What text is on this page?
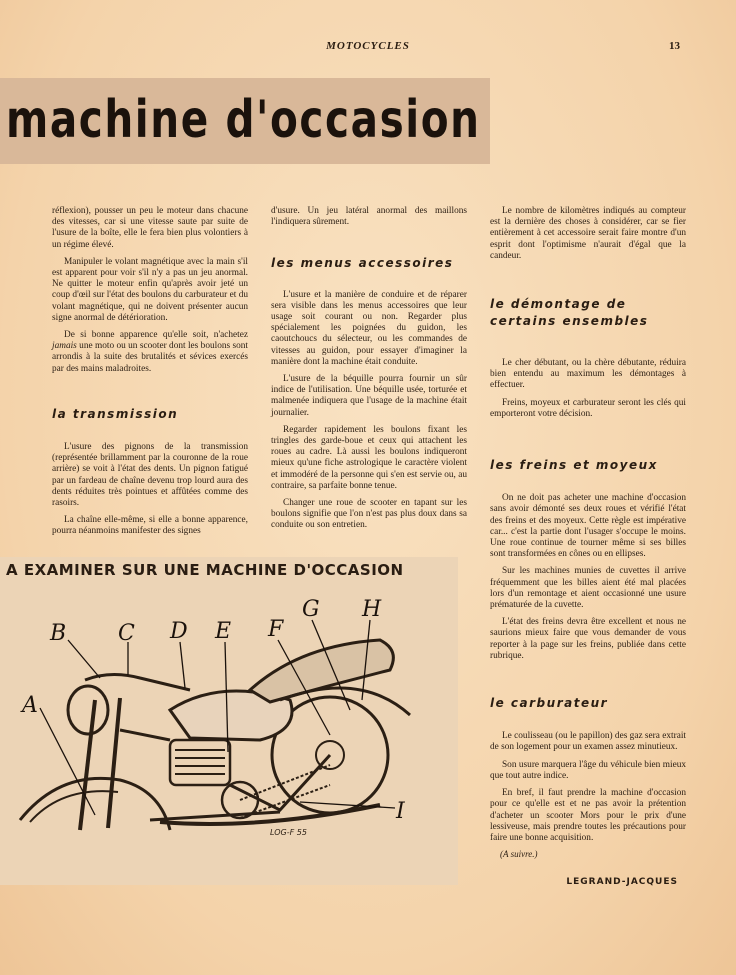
MOTOCYCLES	13
machine d'occasion

réflexion), pousser un peu le moteur dans chacune des vitesses, car si une vitesse saute par suite de l'usure de la boîte, elle le fera bien plus volontiers à un régime élevé.

Manipuler le volant magnétique avec la main s'il est apparent pour voir s'il n'y a pas un jeu anormal. Ne quitter le moteur enfin qu'après avoir jeté un coup d'œil sur l'état des boulons du carburateur et du volant magnétique, qui ne doivent présenter aucun signe anormal de détérioration.

De si bonne apparence qu'elle soit, n'achetez jamais une moto ou un scooter dont les boulons sont arrondis à la suite des brutalités et sévices exercés par des mains maladroites.

la transmission

L'usure des pignons de la transmission (représentée brillamment par la couronne de la roue arrière) se voit à l'état des dents. Un pignon fatigué par un fardeau de chaîne devenu trop lourd aura des dents réduites très pointues et affûtées comme des rasoirs.

La chaîne elle-même, si elle a bonne apparence, pourra néanmoins manifester des signes

d'usure. Un jeu latéral anormal des maillons l'indiquera sûrement.

les menus accessoires

L'usure et la manière de conduire et de réparer sera visible dans les menus accessoires que leur usage soit courant ou non. Regarder plus spécialement les poignées du guidon, les caoutchoucs du sélecteur, ou les commandes de vitesses au guidon, pour essayer d'imaginer la manière dont la machine était conduite.

L'usure de la béquille pourra fournir un sûr indice de l'utilisation. Une béquille usée, torturée et malmenée indiquera que l'usage de la machine était journalier.

Regarder rapidement les boulons fixant les tringles des garde-boue et ceux qui attachent les roues au cadre. Là aussi les boulons indiqueront mieux qu'une fiche astrologique le caractère violent et immodéré de la personne qui s'en est servie ou, au contraire, sa parfaite bonne tenue.

Changer une roue de scooter en tapant sur les boulons signifie que l'on n'est pas plus doux dans sa conduite ou son entretien.

Le nombre de kilomètres indiqués au compteur est la dernière des choses à considérer, car se fier entièrement à cet accessoire serait faire montre d'un esprit dont l'optimisme n'aurait d'égal que la candeur.

le démontage de certains ensembles

Le cher débutant, ou la chère débutante, réduira bien entendu au maximum les démontages à effectuer.

Freins, moyeux et carburateur seront les clés qui emporteront votre décision.

les freins et moyeux

On ne doit pas acheter une machine d'occasion sans avoir démonté ses deux roues et vérifié l'état des freins et des moyeux. Cette règle est impérative car... c'est la partie dont l'usager s'occupe le moins. Une roue continue de tourner même si ses billes sont transformées en cônes ou en ellipses.

Sur les machines munies de cuvettes il arrive fréquemment que les billes aient été mal placées lors d'un remontage et aient occasionné une usure prématurée de la cuvette.

L'état des freins devra être excellent et nous ne saurions mieux faire que vous demander de vous reporter à la page sur les freins, publiée dans cette rubrique.

le carburateur

Le coulisseau (ou le papillon) des gaz sera extrait de son logement pour un examen assez minutieux.

Son usure marquera l'âge du véhicule bien mieux que tout autre indice.

En bref, il faut prendre la machine d'occasion pour ce qu'elle est et ne pas avoir la prétention d'acheter un scooter Mors pour le prix d'une lessiveuse, mais prendre toutes les précautions pour faire une bonne acquisition.

(A suivre.)
A EXAMINER SUR UNE MACHINE D'OCCASION
A
B C D E F
G H
I
LOG-F 55
LEGRAND-JACQUES
